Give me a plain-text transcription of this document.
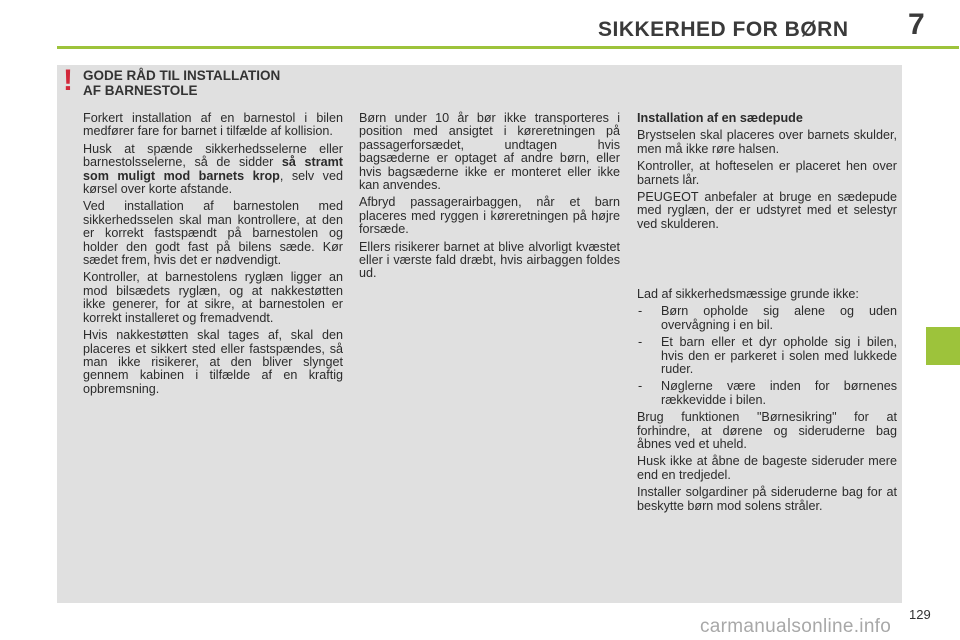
SIKKERHED FOR BØRN 7
! GODE RÅD TIL INSTALLATION
AF BARNESTOLE

Forkert installation af en barnestol i bilen medfører fare for barnet i tilfælde af kollision.

Husk at spænde sikkerhedsselerne eller barnestolsselerne, så de sidder så stramt som muligt mod barnets krop, selv ved kørsel over korte afstande.

Ved installation af barnestolen med sikkerhedsselen skal man kontrollere, at den er korrekt fastspændt på barnestolen og holder den godt fast på bilens sæde. Kør sædet frem, hvis det er nødvendigt.

Kontroller, at barnestolens ryglæn ligger an mod bilsædets ryglæn, og at nakkestøtten ikke generer, for at sikre, at barnestolen er korrekt installeret og fremadvendt.

Hvis nakkestøtten skal tages af, skal den placeres et sikkert sted eller fastspændes, så man ikke risikerer, at den bliver slynget gennem kabinen i tilfælde af en kraftig opbremsning.

Børn under 10 år bør ikke transporteres i position med ansigtet i køreretningen på passagerforsædet, undtagen hvis bagsæderne er optaget af andre børn, eller hvis bagsæderne ikke er monteret eller ikke kan anvendes.

Afbryd passagerairbaggen, når et barn placeres med ryggen i køreretningen på højre forsæde.

Ellers risikerer barnet at blive alvorligt kvæstet eller i værste fald dræbt, hvis airbaggen foldes ud.

Installation af en sædepude

Brystselen skal placeres over barnets skulder, men må ikke røre halsen.

Kontroller, at hofteselen er placeret hen over barnets lår.

PEUGEOT anbefaler at bruge en sædepude med ryglæn, der er udstyret med et selestyr ved skulderen.

Lad af sikkerhedsmæssige grunde ikke:

- Børn opholde sig alene og uden overvågning i en bil.
- Et barn eller et dyr opholde sig i bilen, hvis den er parkeret i solen med lukkede ruder.
- Nøglerne være inden for børnenes rækkevidde i bilen.

Brug funktionen "Børnesikring" for at forhindre, at dørene og sideruderne bag åbnes ved et uheld.

Husk ikke at åbne de bageste sideruder mere end en tredjedel.

Installer solgardiner på sideruderne bag for at beskytte børn mod solens stråler.

129
carmanualsonline.info
